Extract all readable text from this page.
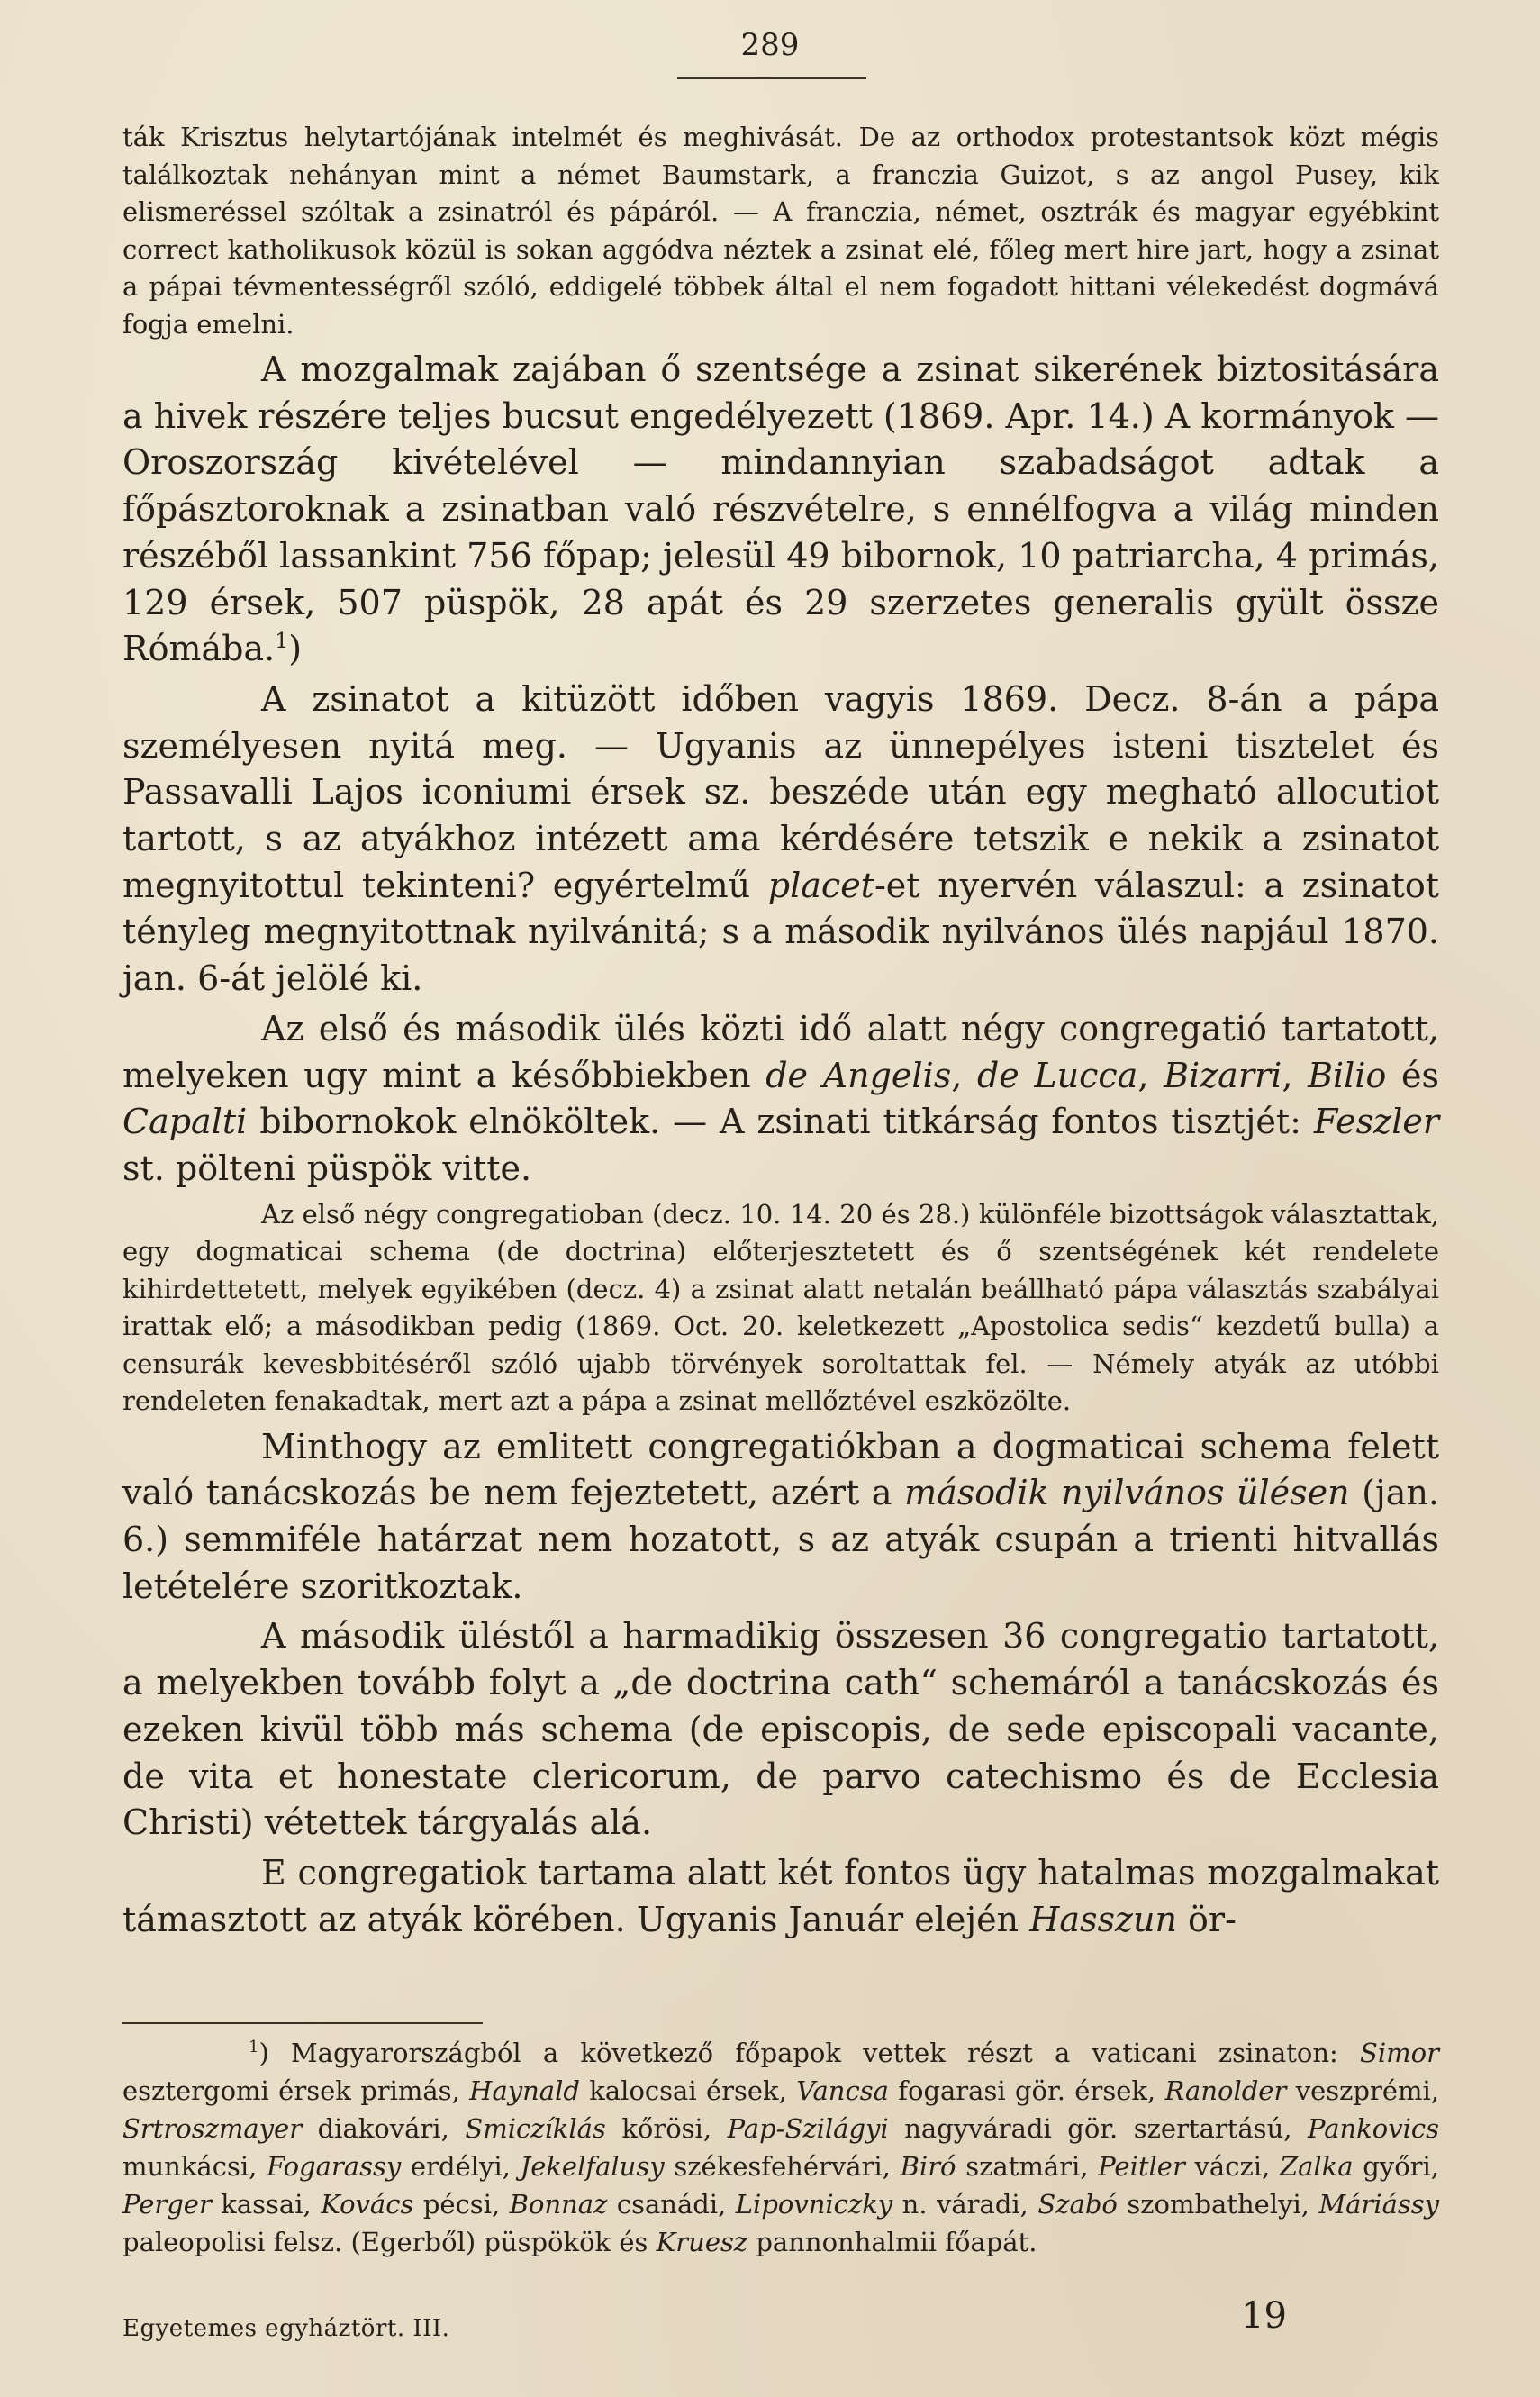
289

ták Krisztus helytartójának intelmét és meghivását. De az orthodox protestantsok közt mégis találkoztak nehányan mint a német Baumstark, a franczia Guizot, s az angol Pusey, kik elismeréssel szóltak a zsinatról és pápáról. — A franczia, német, osztrák és magyar egyébkint correct katholikusok közül is sokan aggódva néztek a zsinat elé, főleg mert hire jart, hogy a zsinat a pápai tévmentességről szóló, eddigelé többek által el nem fogadott hittani vélekedést dogmává fogja emelni.

A mozgalmak zajában ő szentsége a zsinat sikerének biztositására a hivek részére teljes bucsut engedélyezett (1869. Apr. 14.) A kormányok — Oroszország kivételével — mindannyian szabadságot adtak a főpásztoroknak a zsinatban való részvételre, s ennélfogva a világ minden részéből lassankint 756 főpap; jelesül 49 bibornok, 10 patriarcha, 4 primás, 129 érsek, 507 püspök, 28 apát és 29 szerzetes generalis gyült össze Rómába.$^1$)

A zsinatot a kitüzött időben vagyis 1869. Decz. 8-án a pápa személyesen nyitá meg. — Ugyanis az ünnepélyes isteni tisztelet és Passavalli Lajos iconiumi érsek sz. beszéde után egy megható allocutiot tartott, s az atyákhoz intézett ama kérdésére tetszik e nekik a zsinatot megnyitottul tekinteni? egyértelmű placet-et nyervén válaszul: a zsinatot tényleg megnyitottnak nyilvánitá; s a második nyilvános ülés napjául 1870. jan. 6-át jelölé ki.

Az első és második ülés közti idő alatt négy congregatió tartatott, melyeken ugy mint a későbbiekben de Angelis, de Lucca, Bizarri, Bilio és Capalti bibornokok elnököltek. — A zsinati titkárság fontos tisztjét: Feszler st. pölteni püspök vitte.

Az első négy congregatioban (decz. 10. 14. 20 és 28.) különféle bizottságok választattak, egy dogmaticai schema (de doctrina) előterjesztetett és ő szentségének két rendelete kihirdettetett, melyek egyikében (decz. 4) a zsinat alatt netalán beállható pápa választás szabályai irattak elő; a másodikban pedig (1869. Oct. 20. keletkezett „Apostolica sedis“ kezdetű bulla) a censurák kevesbbitéséről szóló ujabb törvények soroltattak fel. — Némely atyák az utóbbi rendeleten fenakadtak, mert azt a pápa a zsinat mellőztével eszközölte.

Minthogy az emlitett congregatiókban a dogmaticai schema felett való tanácskozás be nem fejeztetett, azért a második nyilvános ülésen (jan. 6.) semmiféle határzat nem hozatott, s az atyák csupán a trienti hitvallás letételére szoritkoztak.

A második üléstől a harmadikig összesen 36 congregatio tartatott, a melyekben tovább folyt a „de doctrina cath“ schemáról a tanácskozás és ezeken kivül több más schema (de episcopis, de sede episcopali vacante, de vita et honestate clericorum, de parvo catechismo és de Ecclesia Christi) vétettek tárgyalás alá.

E congregatiok tartama alatt két fontos ügy hatalmas mozgalmakat támasztott az atyák körében. Ugyanis Január elején Hasszun ör-

$^1$) Magyarországból a következő főpapok vettek részt a vaticani zsinaton: Simor esztergomi érsek primás, Haynald kalocsai érsek, Vancsa fogarasi gör. érsek, Ranolder veszprémi, Srtroszmayer diakovári, Smiczíklás kőrösi, Pap-Szilágyi nagyváradi gör. szertartású, Pankovics munkácsi, Fogarassy erdélyi, Jekelfalusy székesfehérvári, Biró szatmári, Peitler váczi, Zalka győri, Perger kassai, Kovács pécsi, Bonnaz csanádi, Lipovniczky n. váradi, Szabó szombathelyi, Máriássy paleopolisi felsz. (Egerből) püspökök és Kruesz pannonhalmii főapát.
Egyetemes egyháztört. III.	19
